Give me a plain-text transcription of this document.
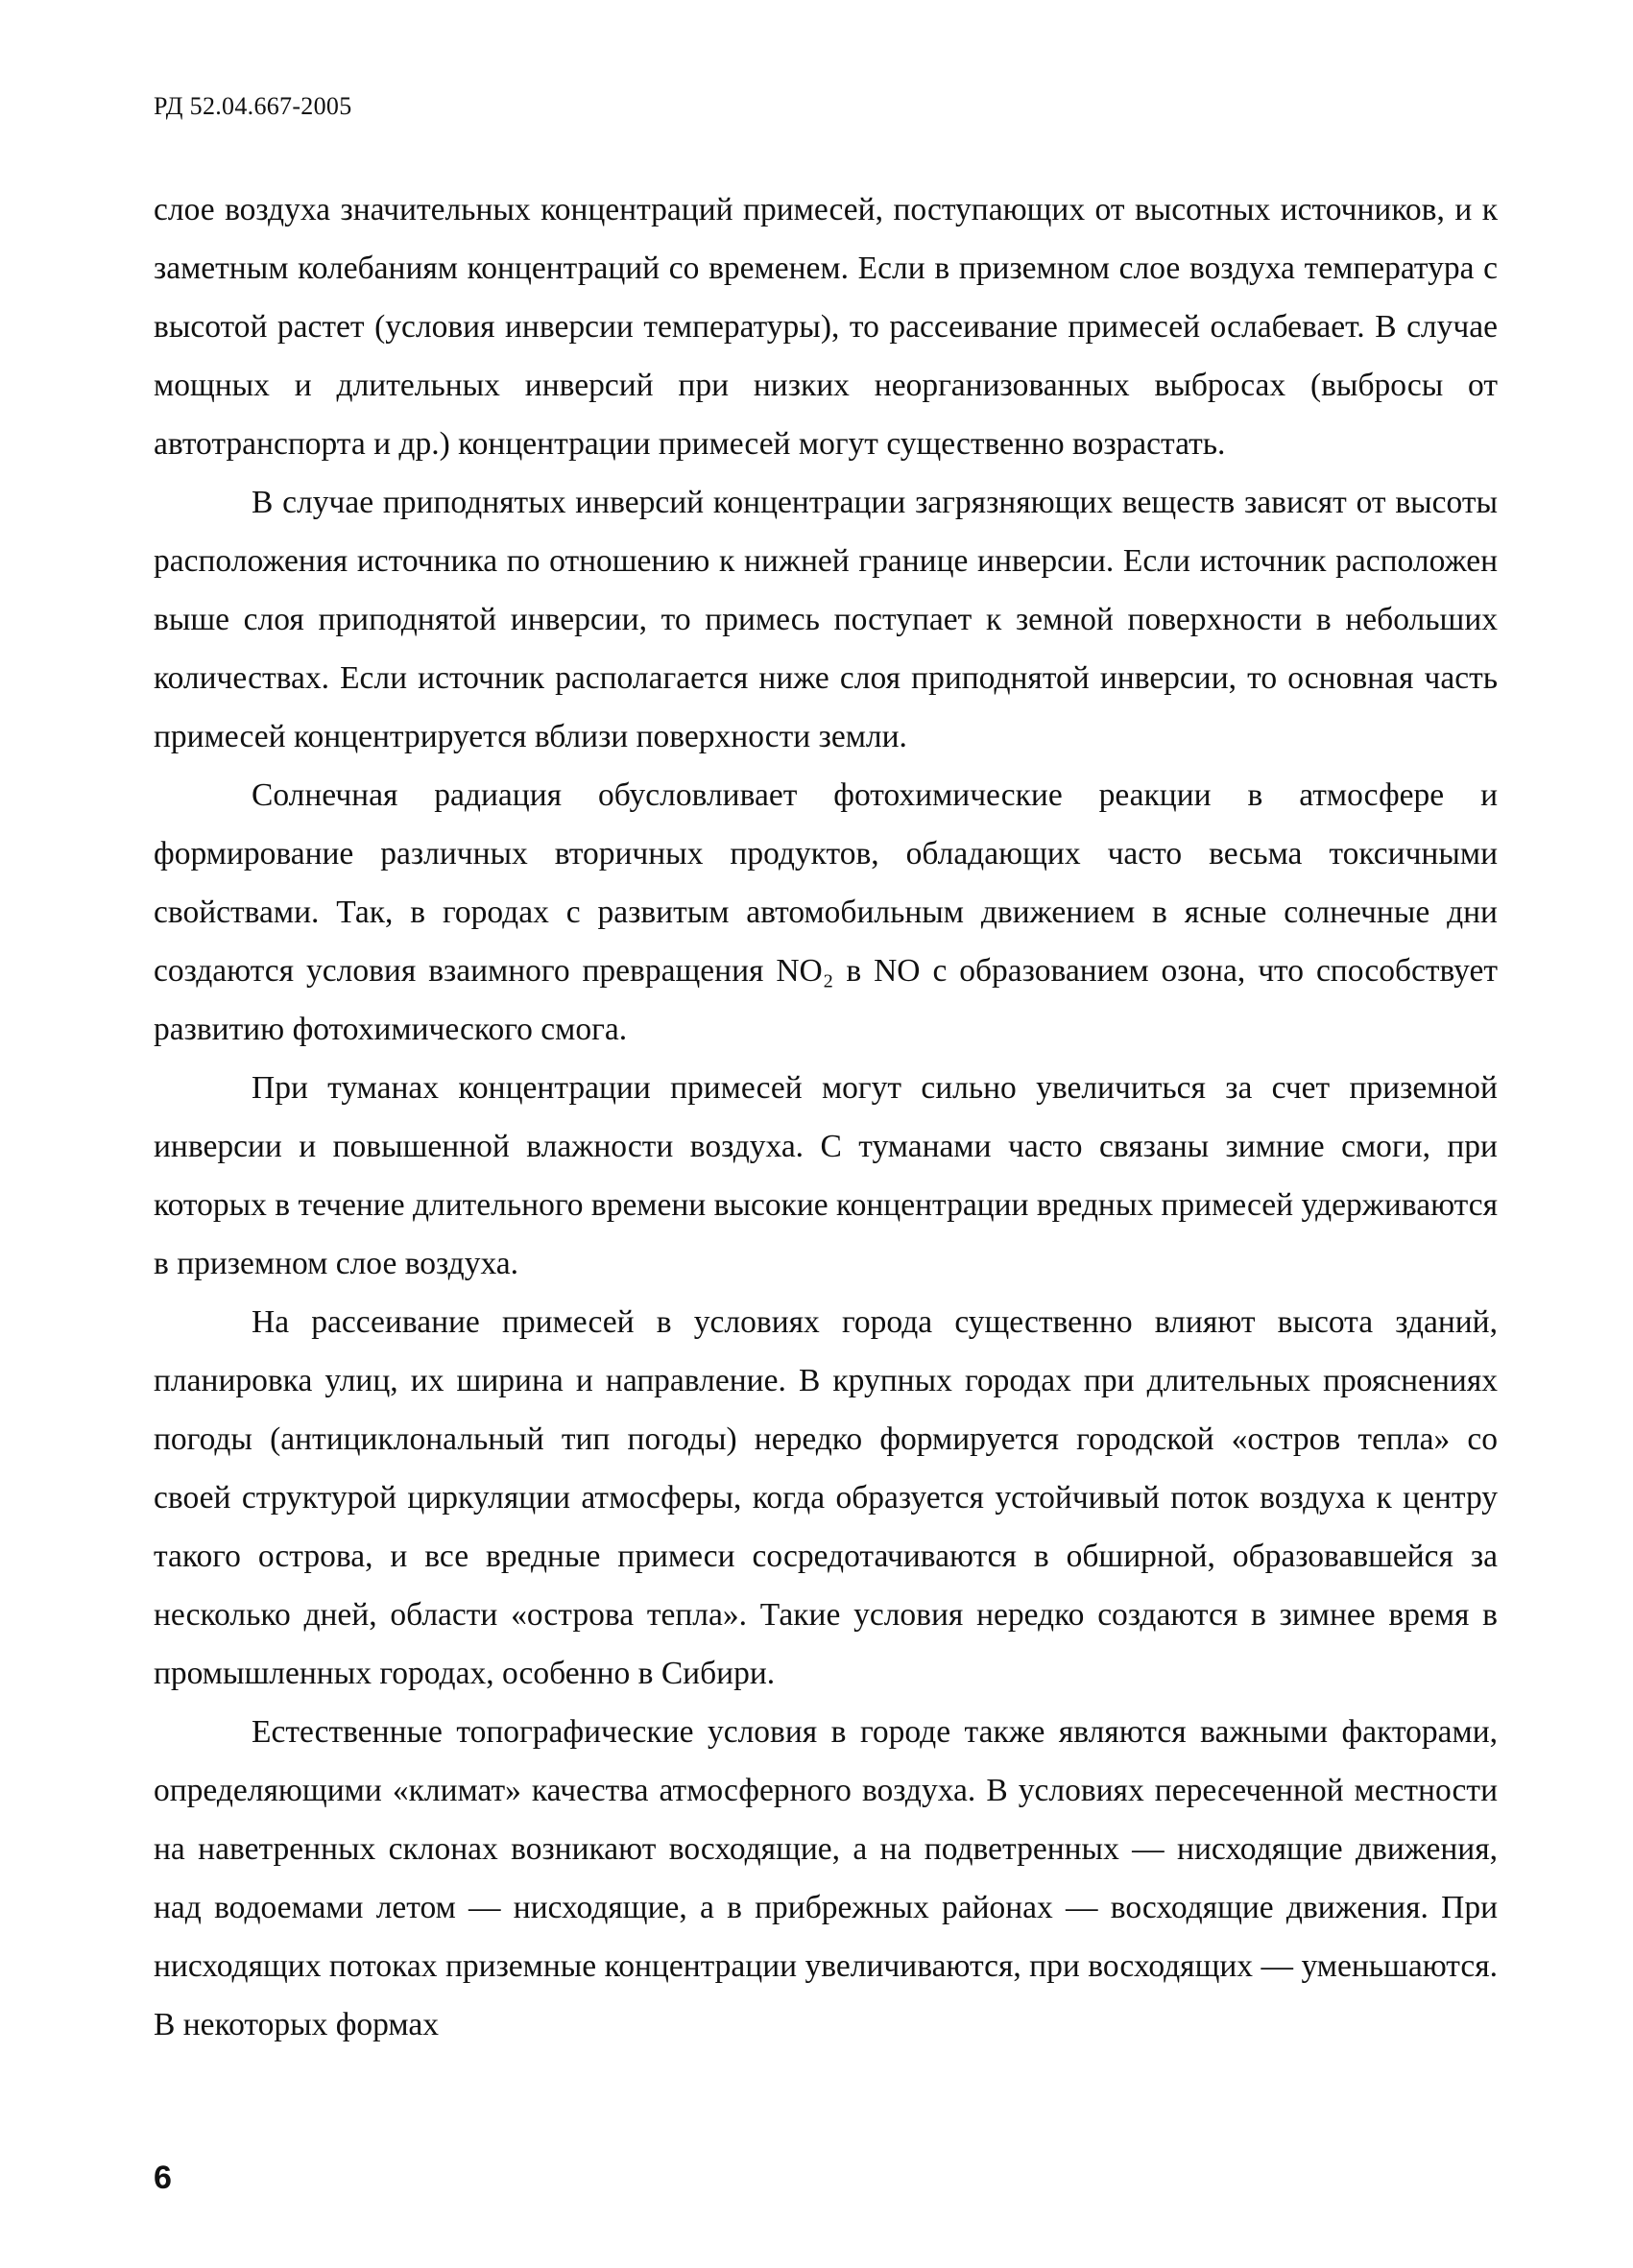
РД 52.04.667-2005

слое воздуха значительных концентраций примесей, поступающих от высотных источников, и к заметным колебаниям концентраций со временем. Если в приземном слое воздуха температура с высотой растет (условия инверсии температуры), то рассеивание примесей ослабевает. В случае мощных и длительных инверсий при низких неорганизованных выбросах (выбросы от автотранспорта и др.) концентрации примесей могут существенно возрастать.

В случае приподнятых инверсий концентрации загрязняющих веществ зависят от высоты расположения источника по отношению к нижней границе инверсии. Если источник расположен выше слоя приподнятой инверсии, то примесь поступает к земной поверхности в небольших количествах. Если источник располагается ниже слоя приподнятой инверсии, то основная часть примесей концентрируется вблизи поверхности земли.

Солнечная радиация обусловливает фотохимические реакции в атмосфере и формирование различных вторичных продуктов, обладающих часто весьма токсичными свойствами. Так, в городах с развитым автомобильным движением в ясные солнечные дни создаются условия взаимного превращения NO₂ в NO с образованием озона, что способствует развитию фотохимического смога.

При туманах концентрации примесей могут сильно увеличиться за счет приземной инверсии и повышенной влажности воздуха. С туманами часто связаны зимние смоги, при которых в течение длительного времени высокие концентрации вредных примесей удерживаются в приземном слое воздуха.

На рассеивание примесей в условиях города существенно влияют высота зданий, планировка улиц, их ширина и направление. В крупных городах при длительных прояснениях погоды (антициклональный тип погоды) нередко формируется городской «остров тепла» со своей структурой циркуляции атмосферы, когда образуется устойчивый поток воздуха к центру такого острова, и все вредные примеси сосредотачиваются в обширной, образовавшейся за несколько дней, области «острова тепла». Такие условия нередко создаются в зимнее время в промышленных городах, особенно в Сибири.

Естественные топографические условия в городе также являются важными факторами, определяющими «климат» качества атмосферного воздуха. В условиях пересеченной местности на наветренных склонах возникают восходящие, а на подветренных — нисходящие движения, над водоемами летом — нисходящие, а в прибрежных районах — восходящие движения. При нисходящих потоках приземные концентрации увеличиваются, при восходящих — уменьшаются. В некоторых формах

6
